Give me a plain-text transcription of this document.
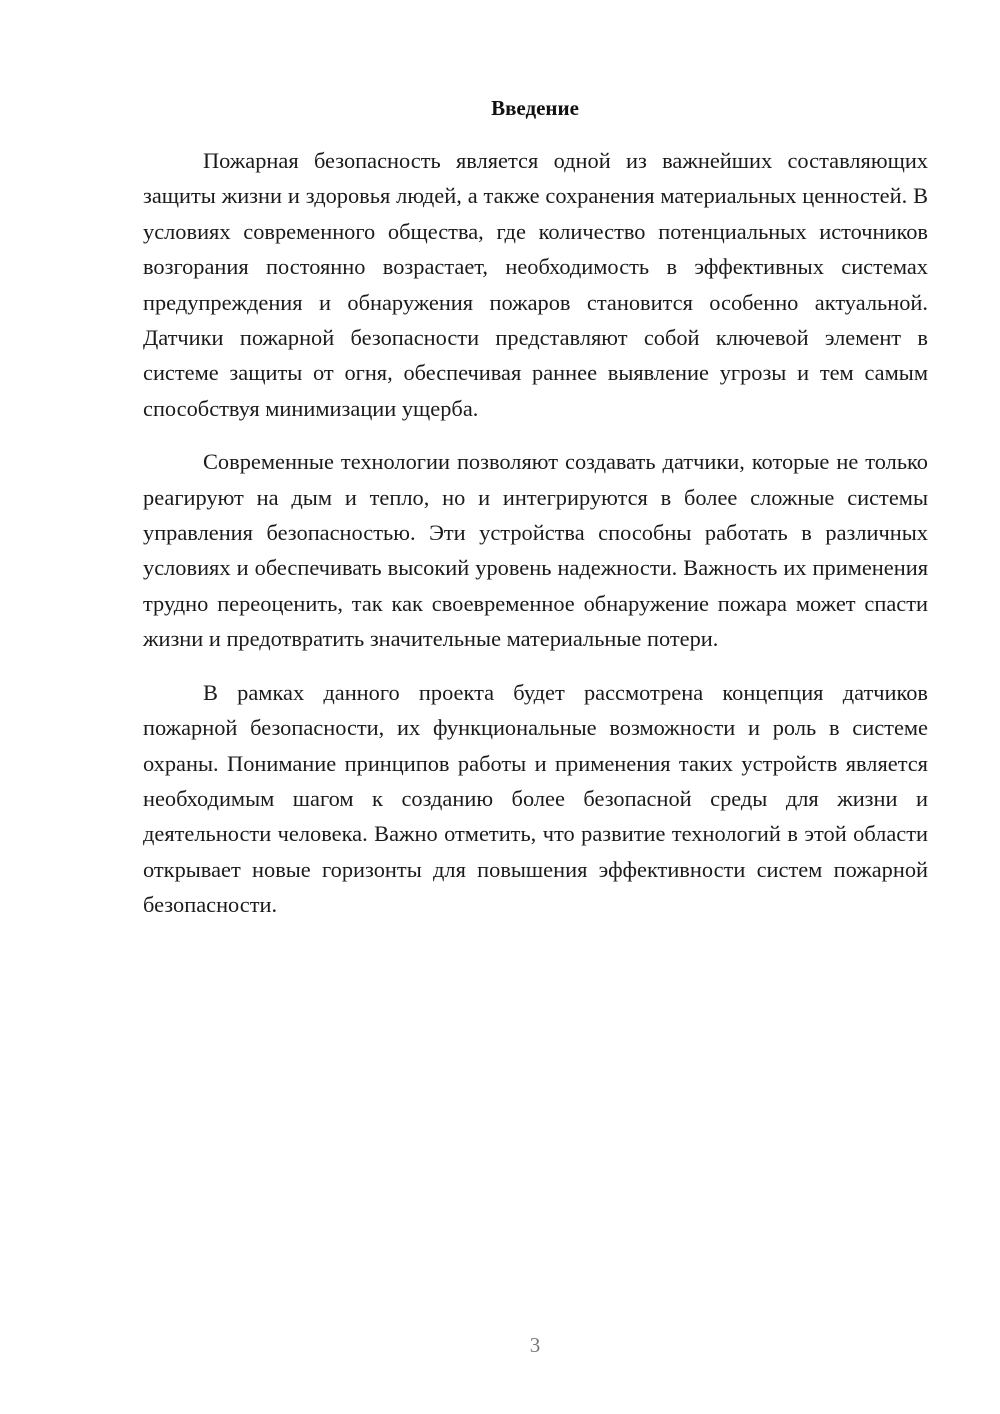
Введение

Пожарная безопасность является одной из важнейших составляющих защиты жизни и здоровья людей, а также сохранения материальных ценностей. В условиях современного общества, где количество потенциальных источников возгорания постоянно возрастает, необходимость в эффективных системах предупреждения и обнаружения пожаров становится особенно актуальной. Датчики пожарной безопасности представляют собой ключевой элемент в системе защиты от огня, обеспечивая раннее выявление угрозы и тем самым способствуя минимизации ущерба.

Современные технологии позволяют создавать датчики, которые не только реагируют на дым и тепло, но и интегрируются в более сложные системы управления безопасностью. Эти устройства способны работать в различных условиях и обеспечивать высокий уровень надежности. Важность их применения трудно переоценить, так как своевременное обнаружение пожара может спасти жизни и предотвратить значительные материальные потери.

В рамках данного проекта будет рассмотрена концепция датчиков пожарной безопасности, их функциональные возможности и роль в системе охраны. Понимание принципов работы и применения таких устройств является необходимым шагом к созданию более безопасной среды для жизни и деятельности человека. Важно отметить, что развитие технологий в этой области открывает новые горизонты для повышения эффективности систем пожарной безопасности.

3
